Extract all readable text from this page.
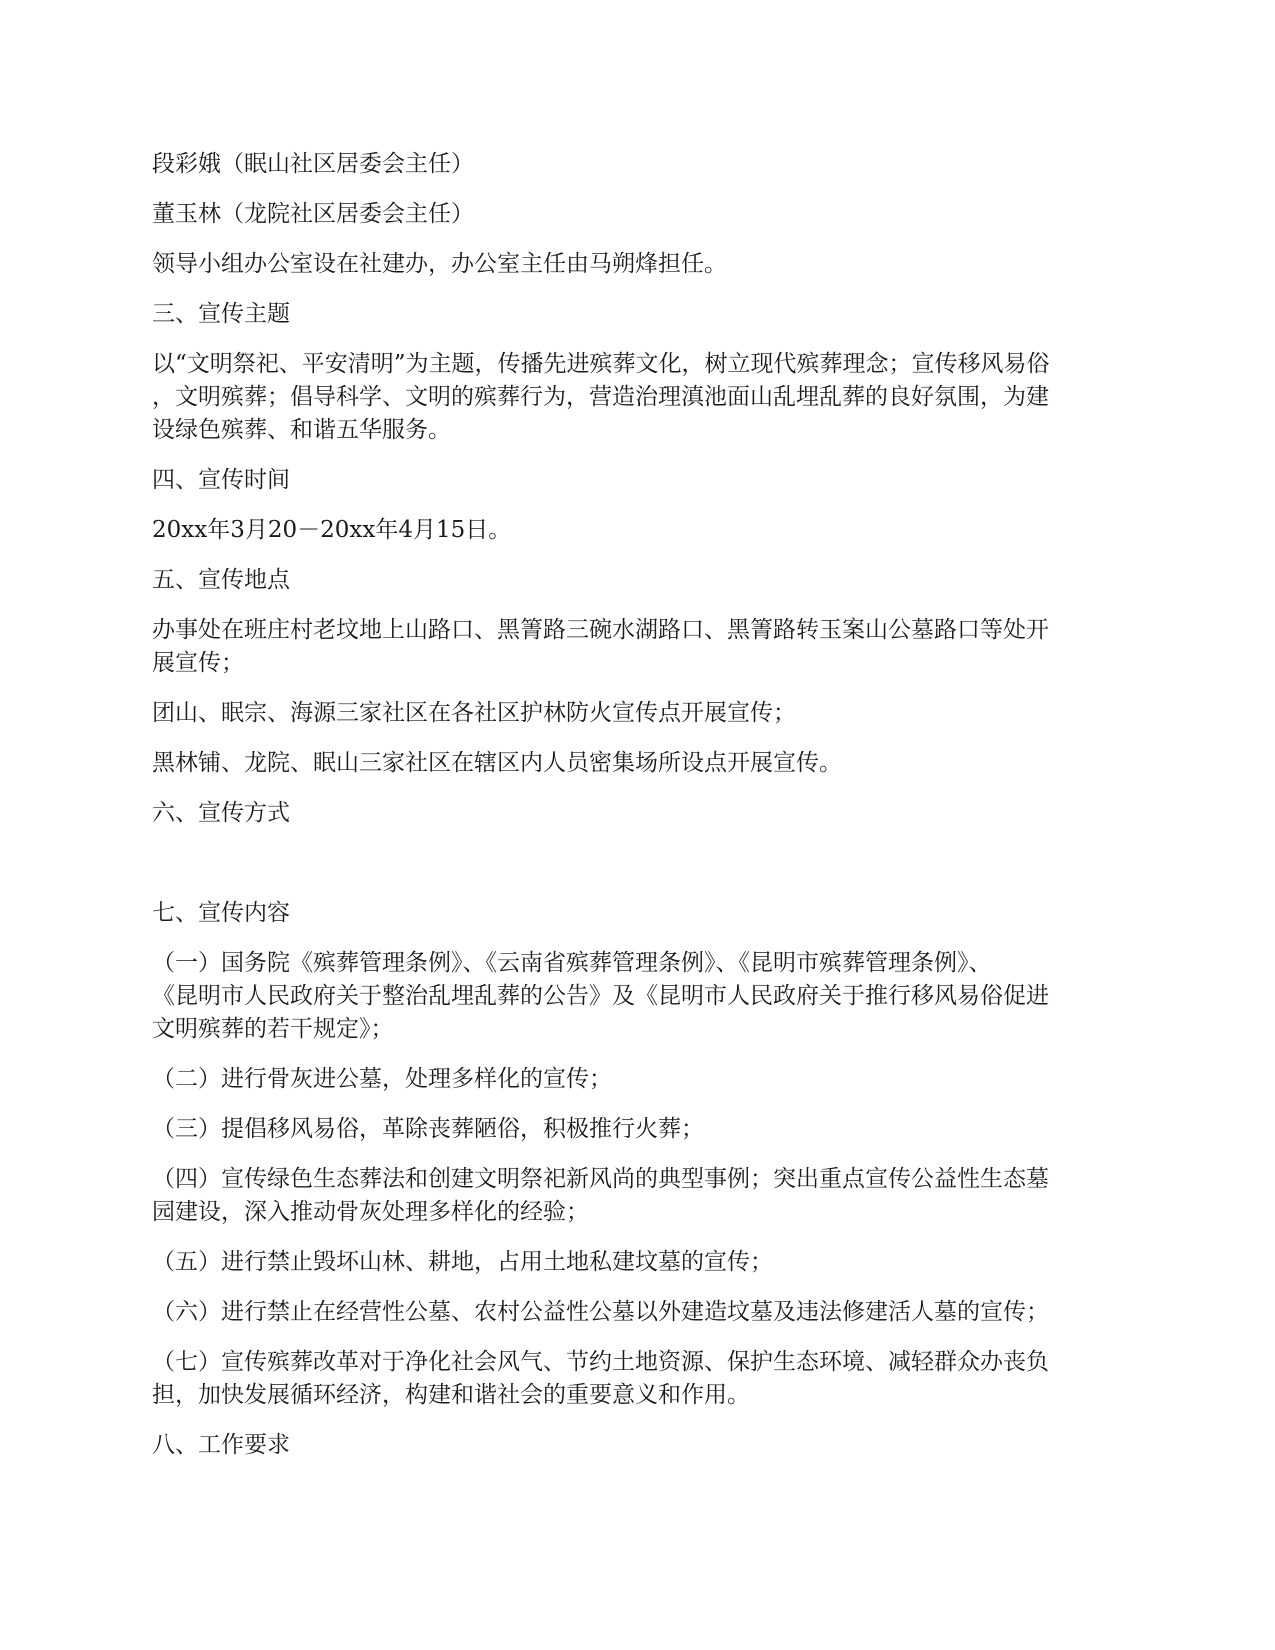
段彩娥（眠山社区居委会主任）

董玉林（龙院社区居委会主任）

领导小组办公室设在社建办，办公室主任由马朔烽担任。

三、宣传主题

以“文明祭祀、平安清明”为主题，传播先进殡葬文化，树立现代殡葬理念；宣传移风易俗
，文明殡葬；倡导科学、文明的殡葬行为，营造治理滇池面山乱埋乱葬的良好氛围，为建
设绿色殡葬、和谐五华服务。

四、宣传时间

20xx年3月20－20xx年4月15日。

五、宣传地点

办事处在班庄村老坟地上山路口、黑箐路三碗水湖路口、黑箐路转玉案山公墓路口等处开
展宣传；

团山、眠宗、海源三家社区在各社区护林防火宣传点开展宣传；

黑林铺、龙院、眠山三家社区在辖区内人员密集场所设点开展宣传。

六、宣传方式

七、宣传内容

（一）国务院《殡葬管理条例》、《云南省殡葬管理条例》、《昆明市殡葬管理条例》、
《昆明市人民政府关于整治乱埋乱葬的公告》及《昆明市人民政府关于推行移风易俗促进
文明殡葬的若干规定》；

（二）进行骨灰进公墓，处理多样化的宣传；

（三）提倡移风易俗，革除丧葬陋俗，积极推行火葬；

（四）宣传绿色生态葬法和创建文明祭祀新风尚的典型事例；突出重点宣传公益性生态墓
园建设，深入推动骨灰处理多样化的经验；

（五）进行禁止毁坏山林、耕地，占用土地私建坟墓的宣传；

（六）进行禁止在经营性公墓、农村公益性公墓以外建造坟墓及违法修建活人墓的宣传；

（七）宣传殡葬改革对于净化社会风气、节约土地资源、保护生态环境、减轻群众办丧负
担，加快发展循环经济，构建和谐社会的重要意义和作用。

八、工作要求
